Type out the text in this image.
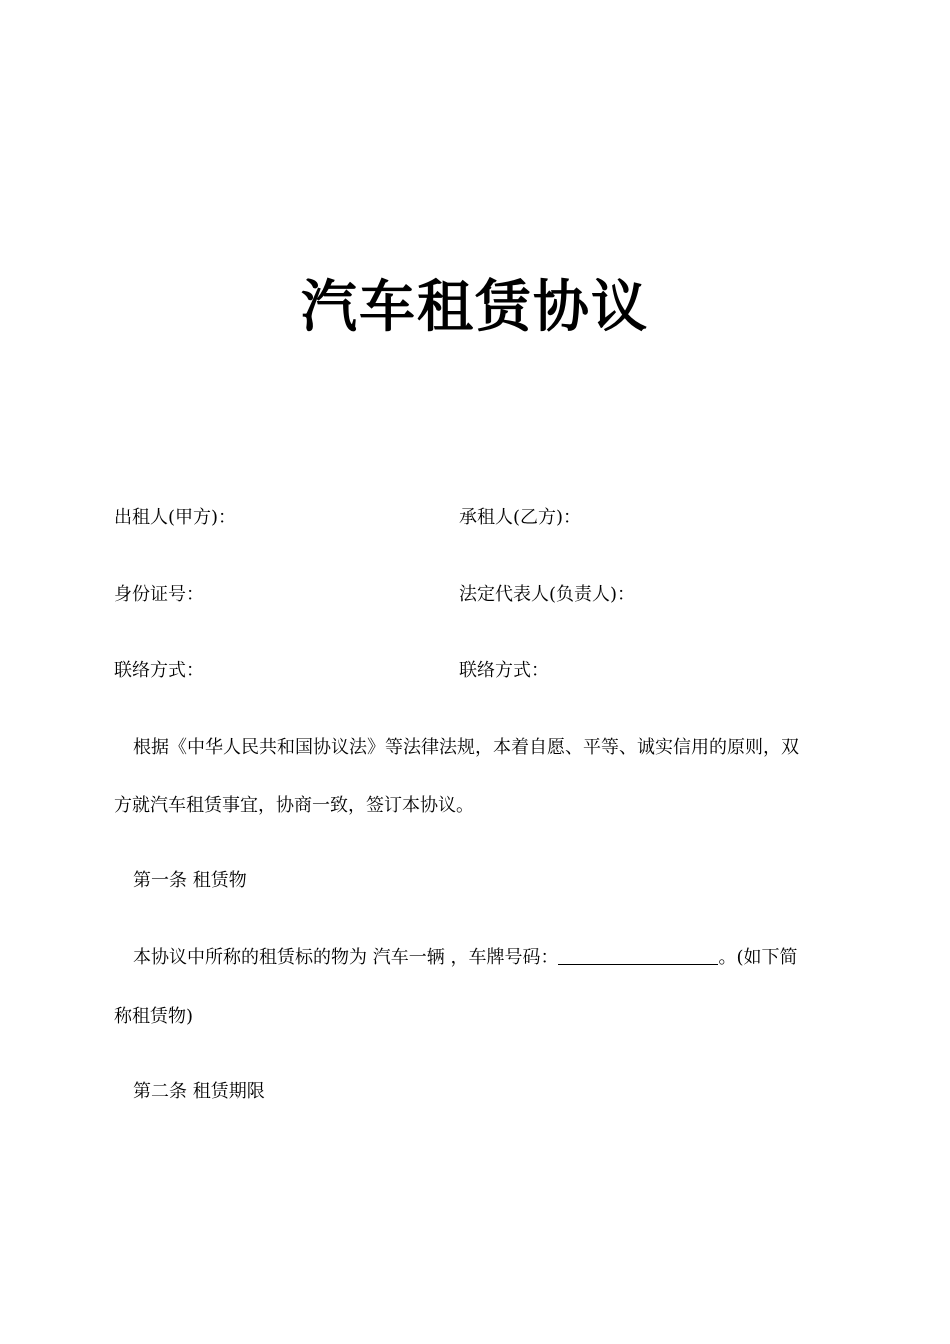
汽车租赁协议
出租人(甲方)：	承租人(乙方)：
身份证号：	法定代表人(负责人)：
联络方式：	联络方式：
根据《中华人民共和国协议法》等法律法规，本着自愿、平等、诚实信用的原则，双
方就汽车租赁事宜，协商一致，签订本协议。
第一条 租赁物
本协议中所称的租赁标的物为 汽车一辆 ，车牌号码：	。(如下简
称租赁物)
第二条 租赁期限
